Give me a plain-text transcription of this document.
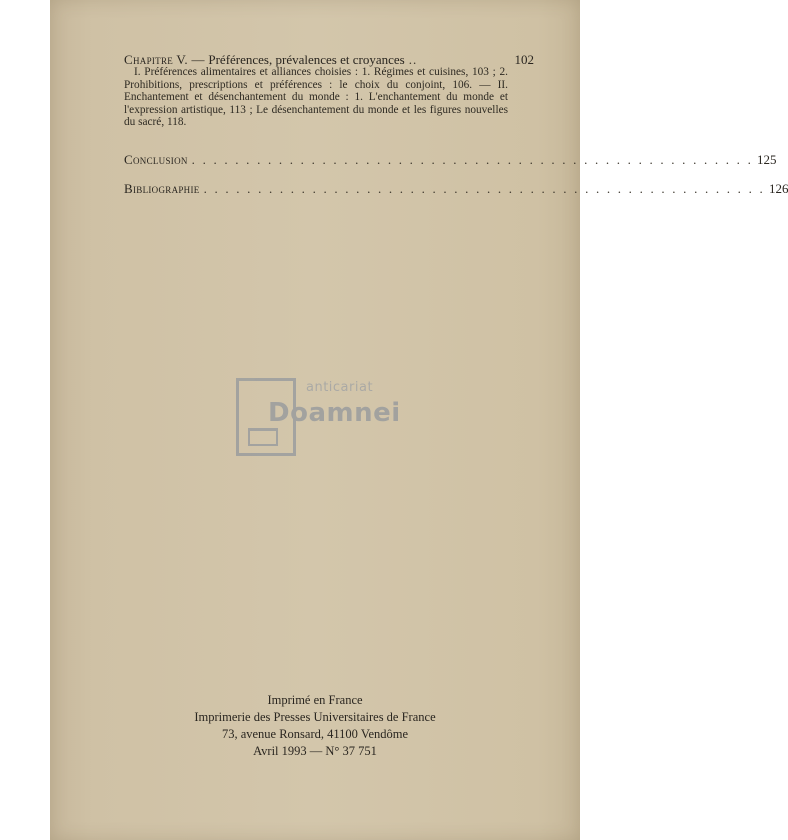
Chapitre V. — Préférences, prévalences et croyances ..	102
I. Préférences alimentaires et alliances choisies : 1. Régimes et cuisines, 103 ; 2. Prohibitions, prescriptions et préférences : le choix du conjoint, 106. — II. Enchantement et désenchantement du monde : 1. L'enchantement du monde et l'expression artistique, 113 ; Le désenchantement du monde et les figures nouvelles du sacré, 118.
Conclusion . . . . . . . . . . . . . . . . . . . . . . . . . . . . . . . . . . . . . . . . . . . . . . . . . . . . 125
Bibliographie . . . . . . . . . . . . . . . . . . . . . . . . . . . . . . . . . . . . . . . . . . . . . . . . . . . . 126
anticariat
Doamnei
Imprimé en France
Imprimerie des Presses Universitaires de France
73, avenue Ronsard, 41100 Vendôme
Avril 1993 — N° 37 751
